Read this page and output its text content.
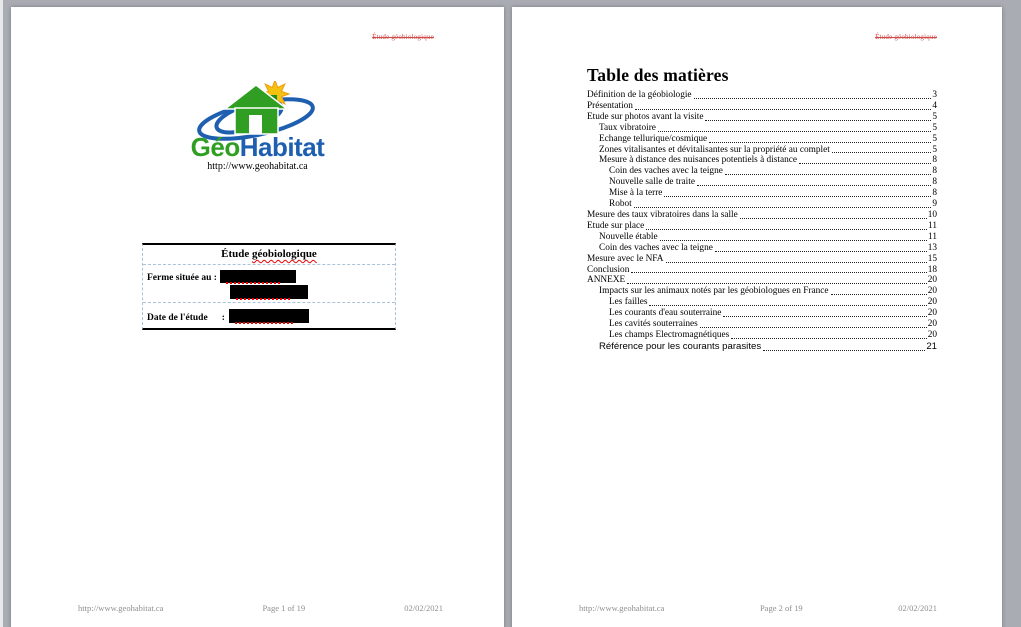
Étude géobiologique
GéoHabitat
http://www.geohabitat.ca
Étude géobiologique
Ferme située au :
Date de l'étude :
http://www.geohabitat.ca	Page 1 of 19	02/02/2021
Étude géobiologique
Table des matières
Définition de la géobiologie	3
Présentation	4
Etude sur photos avant la visite	5
Taux vibratoire	5
Echange tellurique/cosmique	5
Zones vitalisantes et dévitalisantes sur la propriété au complet	5
Mesure à distance des nuisances potentiels à distance	8
Coin des vaches avec la teigne	8
Nouvelle salle de traite	8
Mise à la terre	8
Robot	9
Mesure des taux vibratoires dans la salle	10
Etude sur place	11
Nouvelle étable	11
Coin des vaches avec la teigne	13
Mesure avec le NFA	15
Conclusion	18
ANNEXE	20
Impacts sur les animaux notés par les géobiologues en France	20
Les failles	20
Les courants d'eau souterraine	20
Les cavités souterraines	20
Les champs Electromagnétiques	20
Référence pour les courants parasites	21
http://www.geohabitat.ca	Page 2 of 19	02/02/2021
